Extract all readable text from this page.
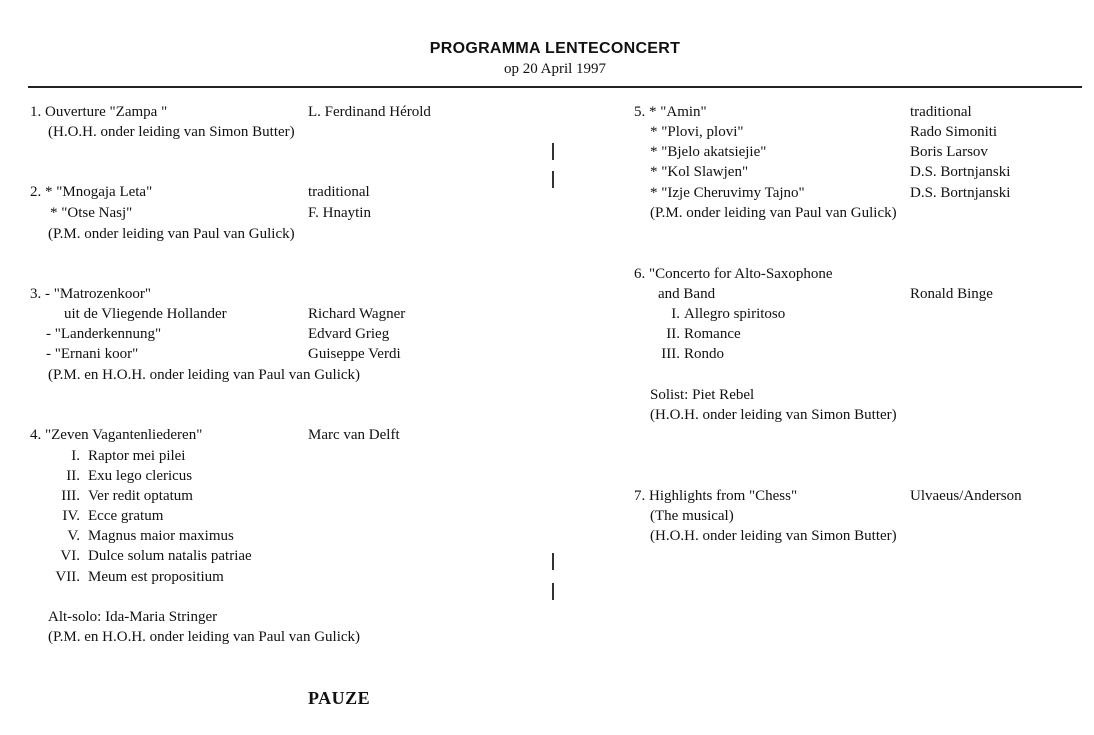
PROGRAMMA LENTECONCERT
op 20 April 1997
1. Ouverture "Zampa "	L. Ferdinand Hérold
(H.O.H. onder leiding van Simon Butter)
2. * "Mnogaja Leta"	traditional
* "Otse Nasj"	F. Hnaytin
(P.M. onder leiding van Paul van Gulick)
3. - "Matrozenkoor"
uit de Vliegende Hollander	Richard Wagner
- "Landerkennung"	Edvard Grieg
- "Ernani koor"	Guiseppe Verdi
(P.M. en H.O.H. onder leiding van Paul van Gulick)
4. "Zeven Vagantenliederen"	Marc van Delft
I. Raptor mei pilei
II. Exu lego clericus
III. Ver redit optatum
IV. Ecce gratum
V. Magnus maior maximus
VI. Dulce solum natalis patriae
VII. Meum est propositium
Alt-solo: Ida-Maria Stringer
(P.M. en H.O.H. onder leiding van Paul van Gulick)
5. * "Amin"	traditional
* "Plovi, plovi"	Rado Simoniti
* "Bjelo akatsiejie"	Boris Larsov
* "Kol Slawjen"	D.S. Bortnjanski
* "Izje Cheruvimy Tajno"	D.S. Bortnjanski
(P.M. onder leiding van Paul van Gulick)
6. "Concerto for Alto-Saxophone
and Band	Ronald Binge
I. Allegro spiritoso
II. Romance
III. Rondo
Solist: Piet Rebel
(H.O.H. onder leiding van Simon Butter)
7. Highlights from "Chess"	Ulvaeus/Anderson
(The musical)
(H.O.H. onder leiding van Simon Butter)
PAUZE
